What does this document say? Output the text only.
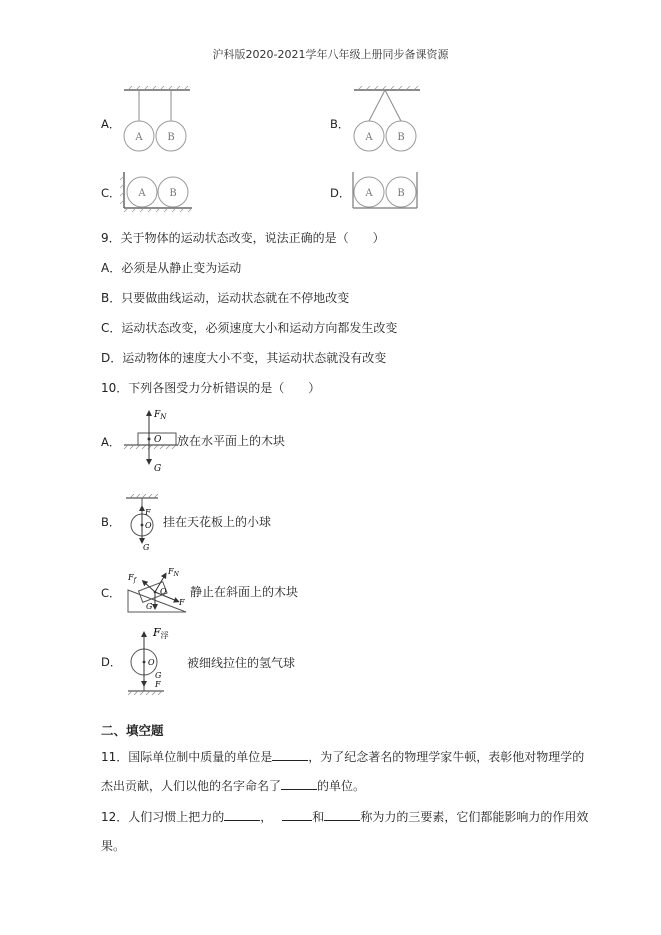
沪科版2020-2021学年八年级上册同步备课资源
A．
A B
B．
A B
C． A B	D． A B
9．关于物体的运动状态改变，说法正确的是（　　）
A．必须是从静止变为运动
B．只要做曲线运动，运动状态就在不停地改变
C．运动状态改变，必须速度大小和运动方向都发生改变
D．运动物体的速度大小不变，其运动状态就没有改变
10．下列各图受力分析错误的是（　　）
A．
$F_N$
O
G
放在水平面上的木块
B．
F
O
G
挂在天花板上的小球
C．
$F_f$
$F_N$
O
G	F
静止在斜面上的木块
D．
F浮
O
G
F
被细线拉住的氢气球
二、填空题
11．国际单位制中质量的单位是	，为了纪念著名的物理学家牛顿，表彰他对物理学的
杰出贡献，人们以他的名字命名了	的单位。
12．人们习惯上把力的	，	和	称为力的三要素，它们都能影响力的作用效
果。
